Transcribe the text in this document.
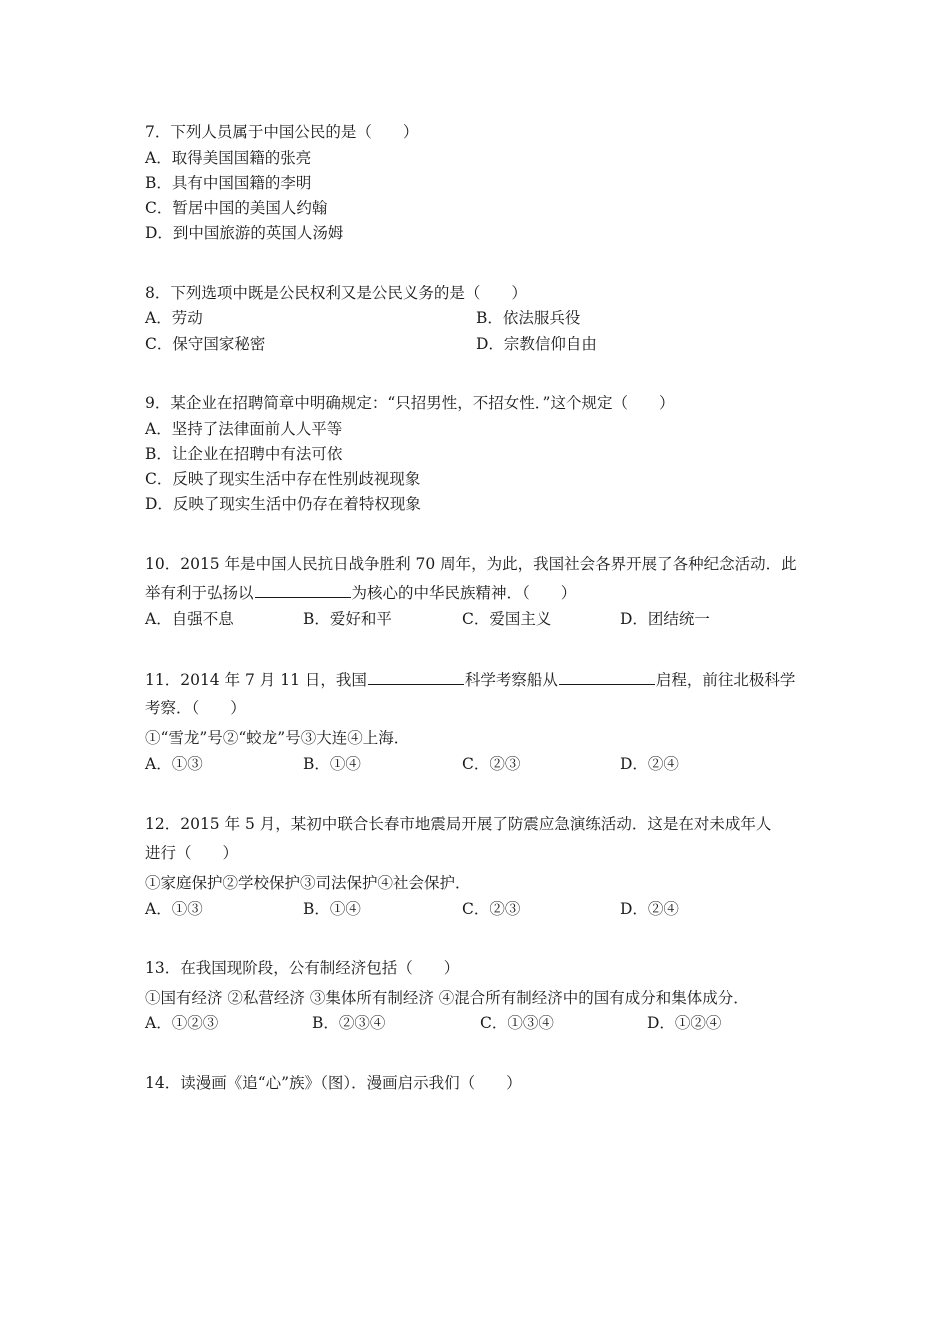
7．下列人员属于中国公民的是（　　）
A．取得美国国籍的张亮
B．具有中国国籍的李明
C．暂居中国的美国人约翰
D．到中国旅游的英国人汤姆
8．下列选项中既是公民权利又是公民义务的是（　　）
A．劳动	B．依法服兵役
C．保守国家秘密	D．宗教信仰自由
9．某企业在招聘简章中明确规定：“只招男性，不招女性．”这个规定（　　）
A．坚持了法律面前人人平等
B．让企业在招聘中有法可依
C．反映了现实生活中存在性别歧视现象
D．反映了现实生活中仍存在着特权现象
10．2015 年是中国人民抗日战争胜利 70 周年，为此，我国社会各界开展了各种纪念活动．此
举有利于弘扬以	为核心的中华民族精神．（　　）
A．自强不息	B．爱好和平	C．爱国主义	D．团结统一
11．2014 年 7 月 11 日，我国	科学考察船从	启程，前往北极科学
考察．（　　）
①“雪龙”号②“蛟龙”号③大连④上海．
A．①③	B．①④	C．②③	D．②④
12．2015 年 5 月，某初中联合长春市地震局开展了防震应急演练活动．这是在对未成年人
进行（　　）
①家庭保护②学校保护③司法保护④社会保护．
A．①③	B．①④	C．②③	D．②④
13．在我国现阶段，公有制经济包括（　　）
①国有经济 ②私营经济 ③集体所有制经济 ④混合所有制经济中的国有成分和集体成分．
A．①②③	B．②③④	C．①③④	D．①②④
14．读漫画《追“心”族》（图）．漫画启示我们（　　）
